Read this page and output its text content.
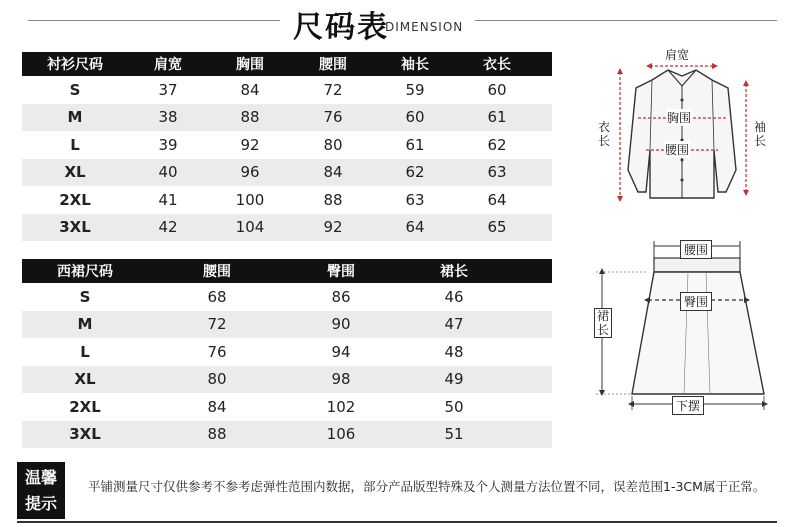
尺码表
DIMENSION
衬衫尺码	肩宽	胸围	腰围	袖长	衣长
S	37	84	72	59	60
M	38	88	76	60	61
L	39	92	80	61	62
XL	40	96	84	62	63
2XL	41	100	88	63	64
3XL	42	104	92	64	65
西裙尺码	腰围	臀围	裙长
S	68	86	46
M	72	90	47
L	76	94	48
XL	80	98	49
2XL	84	102	50
3XL	88	106	51
肩宽
衣长
袖长
胸围
腰围
腰围
臀围
裙长
下摆
温馨
提示
平铺测量尺寸仅供参考不参考虑弹性范围内数据，部分产品版型特殊及个人测量方法位置不同，误差范围1-3CM属于正常。
